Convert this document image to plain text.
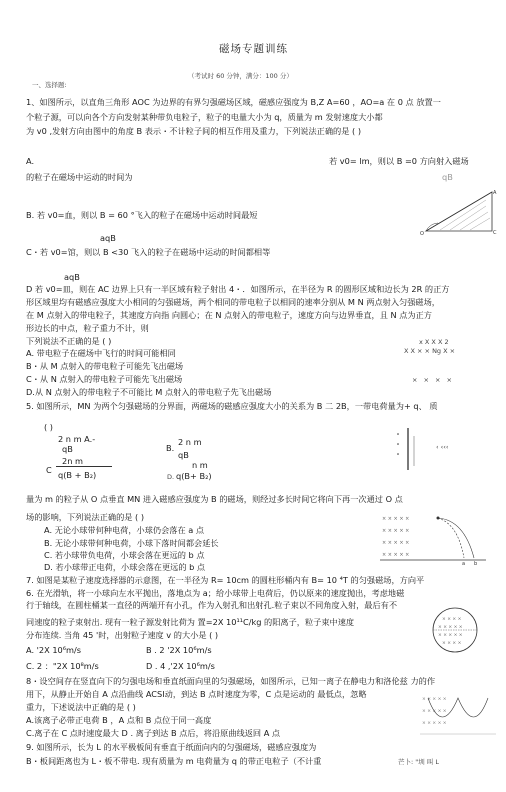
磁场专题训练
（考试时 60 分钟，满分：100 分）
一、选择题:
1、如图所示，以直角三角形 AOC 为边界的有界匀强磁场区域，磁感应强度为 B,Z A=60 ，AO=a 在 0 点 放置一
个粒子源，可以向各个方向发射某种带负电粒子，粒子的电量大小为 q，质量为 m 发射速度大小都
为 v0 ,发射方向由图中的角度 B 表示・不计粒子间的相互作用及重力，下列说法正确的是 ( )
A.	若 v0= lm，则以 B =0 方向射入磁场
的粒子在磁场中运动的时间为	qB
A
C
O
B. 若 v0=血，则以 B = 60 °飞入的粒子在磁场中运动时间最短
aqB
C・若 v0=馆，则以 B <30 飞入的粒子在磁场中运动的时间都相等
aqB
D 若 v0=皿，则在 AC 边界上只有一半区域有粒子射出 4・．如图所示，在半径为 R 的圆形区域和边长为 2R 的正方
形区域里均有磁感应强度大小相同的匀强磁场，两个相同的带电粒子以相同的速率分别从 M N 两点射入匀强磁场，
在 M 点射入的带电粒子，其速度方向指 向圆心；在 N 点射入的带电粒子，速度方向与边界垂直，且 N 点为正方
形边长的中点，粒子重力不计，则
下列说法不正确的是 ( )	x X X X 2
X X × × Ng X ×
A. 带电粒子在磁场中飞行的时间可能相同
B・从 M 点射入的带电粒子可能先飞出磁场
C・从 N 点射入的带电粒子可能先飞出磁场	× × × ×
D.从 N 点射入的带电粒子不可能比 M 点射入的带电粒子先飞出磁场
5. 如图所示，MN 为两个匀强磁场的分界面，两磁场的磁感应强度大小的关系为 B 二 2B，一带电荷量为+ q、 质
( )
2 n m A.-
qB
2 n m
B.
qB
2n m
C q(B + B₂)
n m
D. q(B+ B₂)
‹ ‹‹‹
量为 m 的粒子从 O 点垂直 MN 进入磁感应强度为 B 的磁场，则经过多长时间它将向下再一次通过 O 点
场的影响，下列说法正确的是 ( )
A. 无论小球带何种电荷，小球仍会落在 a 点
B. 无论小球带何种电荷，小球下落时间都会延长
C. 若小球带负电荷，小球会落在更远的 b 点
D. 若小球带正电荷，小球会落在更远的 b 点
× × × × ×
× × × × ×
× × × × ×
× × × × ×
a b
7. 如图是某粒子速度选择器的示意图，在一半径为 R= 10cm 的圆柱形桶内有 B= 10 ⁴T 的匀强磁场，方向平
6. 在光滑轨，将一小球向左水平抛出，落地点为 a；给小球带上电荷后，仍以原来的速度抛出，考虑地磁
行于轴线，在圆柱桶某一直径的两端开有小孔，作为入射孔和出射孔.粒子束以不同角度入射，最后有不
× × × ×
× × × × ×
× × × × ×
× × × ×
同速度的粒子束射出. 现有一粒子源发射比荷为 置=2X 10¹¹C/kg 的阳离子，粒子束中速度
分布连续. 当角 45 '时，出射粒子速度 v 的大小是 ( )
A. '2X 10⁶m/s	B . 2 '2X 10⁶m/s
C. 2 ："2X 10⁸m/s	D . 4 ,'2X 10⁶m/s
8・设空间存在竖直向下的匀强电场和垂直纸面向里的匀强磁场，如图所示，已知一离子在静电力和洛伦兹 力的作
用下，从静止开始自 A 点沿曲线 ACSI动，到达 B 点时速度为零，C 点是运动的 最低点，忽略
重力，下述说法中正确的是 ( )
A.该离子必带正电荷 B ，A 点和 B 点位于同一高度
C.离子在 C 点时速度最大 D . 离子到达 B 点后，将沿原曲线返回 A 点
× × × × ×
× × × × ×
× × × × ×
9. 如图所示，长为 L 的水平极板间有垂直于纸面向内的匀强磁场，磁感应强度为
B・板间距离也为 L・板不带电. 现有质量为 m 电荷量为 q 的带正电粒子（不计重	芒卜: "圳 叫 L
